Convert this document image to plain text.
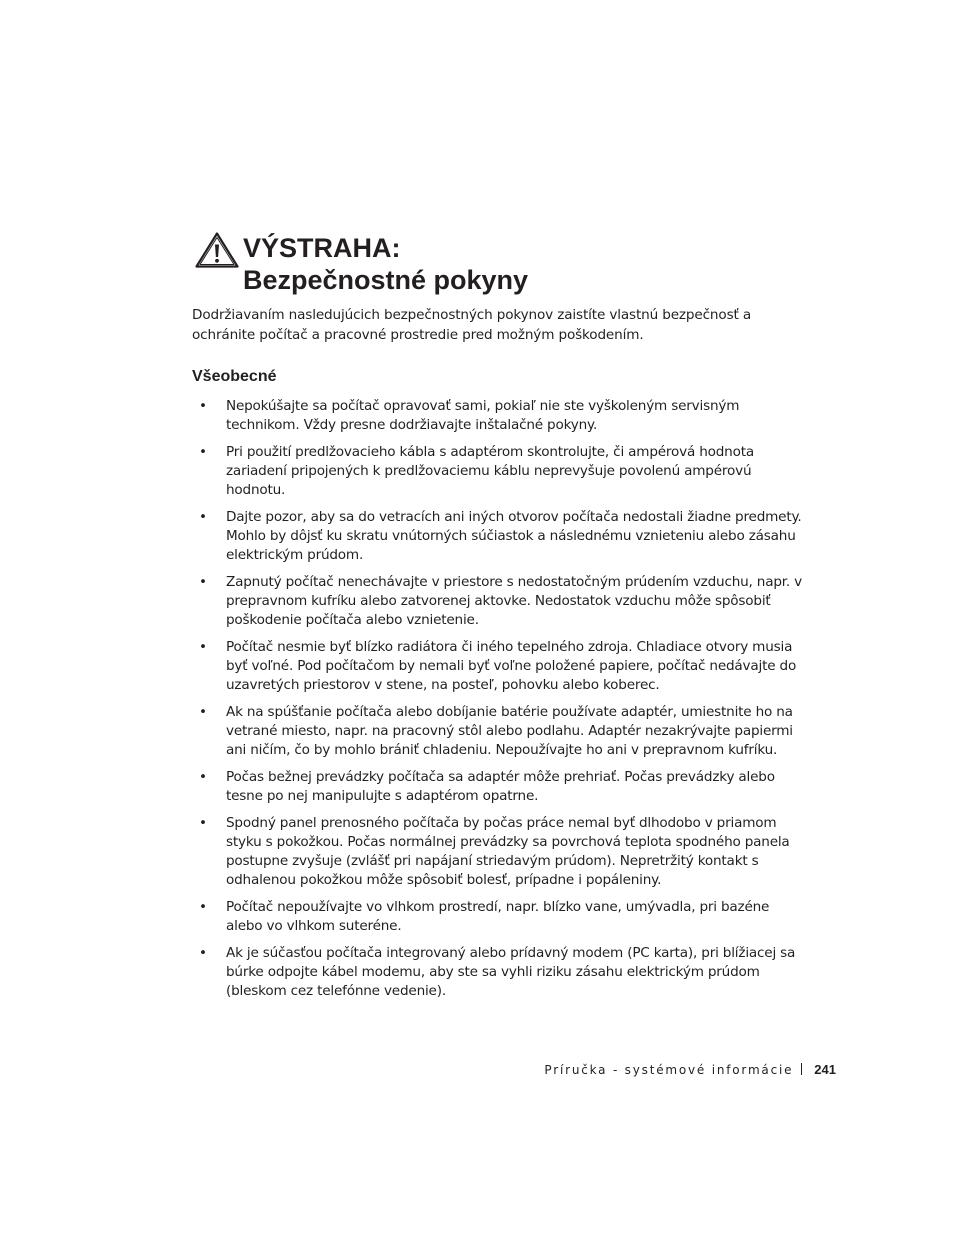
VÝSTRAHA:
Bezpečnostné pokyny

Dodržiavaním nasledujúcich bezpečnostných pokynov zaistíte vlastnú bezpečnosť a ochránite počítač a pracovné prostredie pred možným poškodením.

Všeobecné
• Nepokúšajte sa počítač opravovať sami, pokiaľ nie ste vyškoleným servisným technikom. Vždy presne dodržiavajte inštalačné pokyny.
• Pri použití predlžovacieho kábla s adaptérom skontrolujte, či ampérová hodnota zariadení pripojených k predlžovaciemu káblu neprevyšuje povolenú ampérovú hodnotu.
• Dajte pozor, aby sa do vetracích ani iných otvorov počítača nedostali žiadne predmety. Mohlo by dôjsť ku skratu vnútorných súčiastok a následnému vznieteniu alebo zásahu elektrickým prúdom.
• Zapnutý počítač nenechávajte v priestore s nedostatočným prúdením vzduchu, napr. v prepravnom kufríku alebo zatvorenej aktovke. Nedostatok vzduchu môže spôsobiť poškodenie počítača alebo vznietenie.
• Počítač nesmie byť blízko radiátora či iného tepelného zdroja. Chladiace otvory musia byť voľné. Pod počítačom by nemali byť voľne položené papiere, počítač nedávajte do uzavretých priestorov v stene, na posteľ, pohovku alebo koberec.
• Ak na spúšťanie počítača alebo dobíjanie batérie používate adaptér, umiestnite ho na vetrané miesto, napr. na pracovný stôl alebo podlahu. Adaptér nezakrývajte papiermi ani ničím, čo by mohlo brániť chladeniu. Nepoužívajte ho ani v prepravnom kufríku.
• Počas bežnej prevádzky počítača sa adaptér môže prehriať. Počas prevádzky alebo tesne po nej manipulujte s adaptérom opatrne.
• Spodný panel prenosného počítača by počas práce nemal byť dlhodobo v priamom styku s pokožkou. Počas normálnej prevádzky sa povrchová teplota spodného panela postupne zvyšuje (zvlášť pri napájaní striedavým prúdom). Nepretržitý kontakt s odhalenou pokožkou môže spôsobiť bolesť, prípadne i popáleniny.
• Počítač nepoužívajte vo vlhkom prostredí, napr. blízko vane, umývadla, pri bazéne alebo vo vlhkom suteréne.
• Ak je súčasťou počítača integrovaný alebo prídavný modem (PC karta), pri blížiacej sa búrke odpojte kábel modemu, aby ste sa vyhli riziku zásahu elektrickým prúdom (bleskom cez telefónne vedenie).
Príručka - systémové informácie 241
